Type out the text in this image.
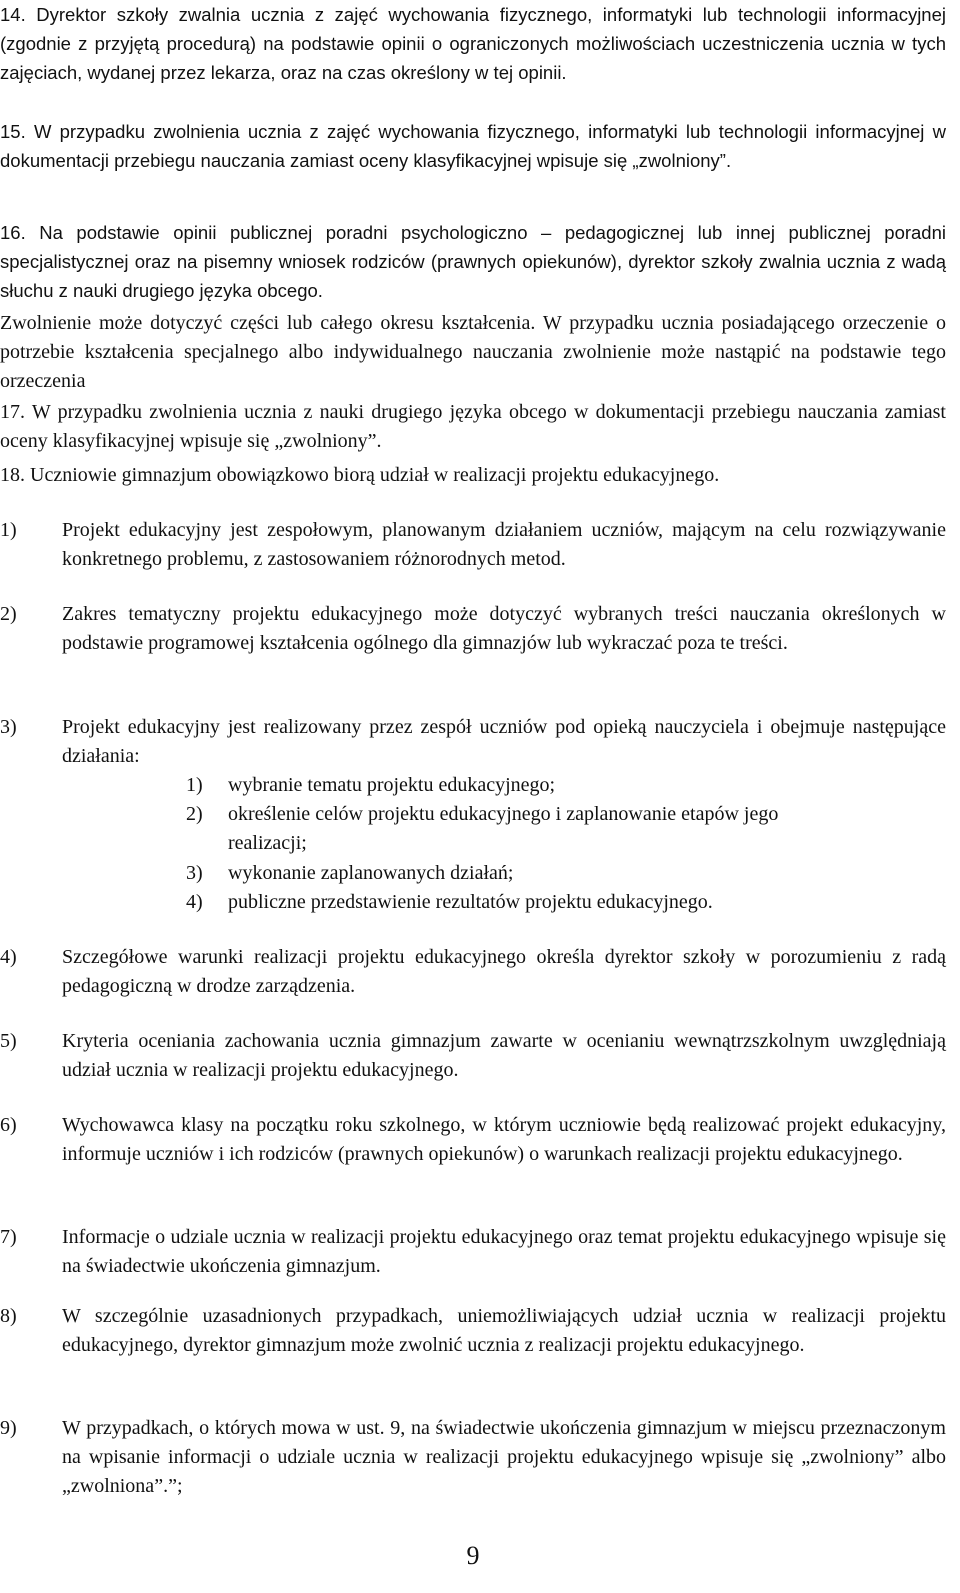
14. Dyrektor szkoły zwalnia ucznia z zajęć wychowania fizycznego, informatyki lub technologii informacyjnej (zgodnie z przyjętą procedurą) na podstawie opinii o ograniczonych możliwościach uczestniczenia ucznia w tych zajęciach, wydanej przez lekarza, oraz na czas określony w tej opinii.

15. W przypadku zwolnienia ucznia z zajęć wychowania fizycznego, informatyki lub technologii informacyjnej w dokumentacji przebiegu nauczania zamiast oceny klasyfikacyjnej wpisuje się „zwolniony”.

16. Na podstawie opinii publicznej poradni psychologiczno – pedagogicznej lub innej publicznej poradni specjalistycznej oraz na pisemny wniosek rodziców (prawnych opiekunów), dyrektor szkoły zwalnia ucznia z wadą słuchu z nauki drugiego języka obcego.

Zwolnienie może dotyczyć części lub całego okresu kształcenia. W przypadku ucznia posiadającego orzeczenie o potrzebie kształcenia specjalnego albo indywidualnego nauczania zwolnienie może nastąpić na podstawie tego orzeczenia

17. W przypadku zwolnienia ucznia z nauki drugiego języka obcego w dokumentacji przebiegu nauczania zamiast oceny klasyfikacyjnej wpisuje się „zwolniony”.

18. Uczniowie gimnazjum obowiązkowo biorą udział w realizacji projektu edukacyjnego.

1)	Projekt edukacyjny jest zespołowym, planowanym działaniem uczniów, mającym na celu rozwiązywanie konkretnego problemu, z zastosowaniem różnorodnych metod.
2)	Zakres tematyczny projektu edukacyjnego może dotyczyć wybranych treści nauczania określonych w podstawie programowej kształcenia ogólnego dla gimnazjów lub wykraczać poza te treści.
3)	Projekt edukacyjny jest realizowany przez zespół uczniów pod opieką nauczyciela i obejmuje następujące działania:
1) wybranie tematu projektu edukacyjnego;
2) określenie celów projektu edukacyjnego i zaplanowanie etapów jego
realizacji;
3) wykonanie zaplanowanych działań;
4) publiczne przedstawienie rezultatów projektu edukacyjnego.
4)	Szczegółowe warunki realizacji projektu edukacyjnego określa dyrektor szkoły w porozumieniu z radą pedagogiczną w drodze zarządzenia.
5)	Kryteria oceniania zachowania ucznia gimnazjum zawarte w ocenianiu wewnątrzszkolnym uwzględniają udział ucznia w realizacji projektu edukacyjnego.
6)	Wychowawca klasy na początku roku szkolnego, w którym uczniowie będą realizować projekt edukacyjny, informuje uczniów i ich rodziców (prawnych opiekunów) o warunkach realizacji projektu edukacyjnego.
7)	Informacje o udziale ucznia w realizacji projektu edukacyjnego oraz temat projektu edukacyjnego wpisuje się na świadectwie ukończenia gimnazjum.
8)	W szczególnie uzasadnionych przypadkach, uniemożliwiających udział ucznia w realizacji projektu edukacyjnego, dyrektor gimnazjum może zwolnić ucznia z realizacji projektu edukacyjnego.
9)	W przypadkach, o których mowa w ust. 9, na świadectwie ukończenia gimnazjum w miejscu przeznaczonym na wpisanie informacji o udziale ucznia w realizacji projektu edukacyjnego wpisuje się „zwolniony” albo „zwolniona”.”;
9
